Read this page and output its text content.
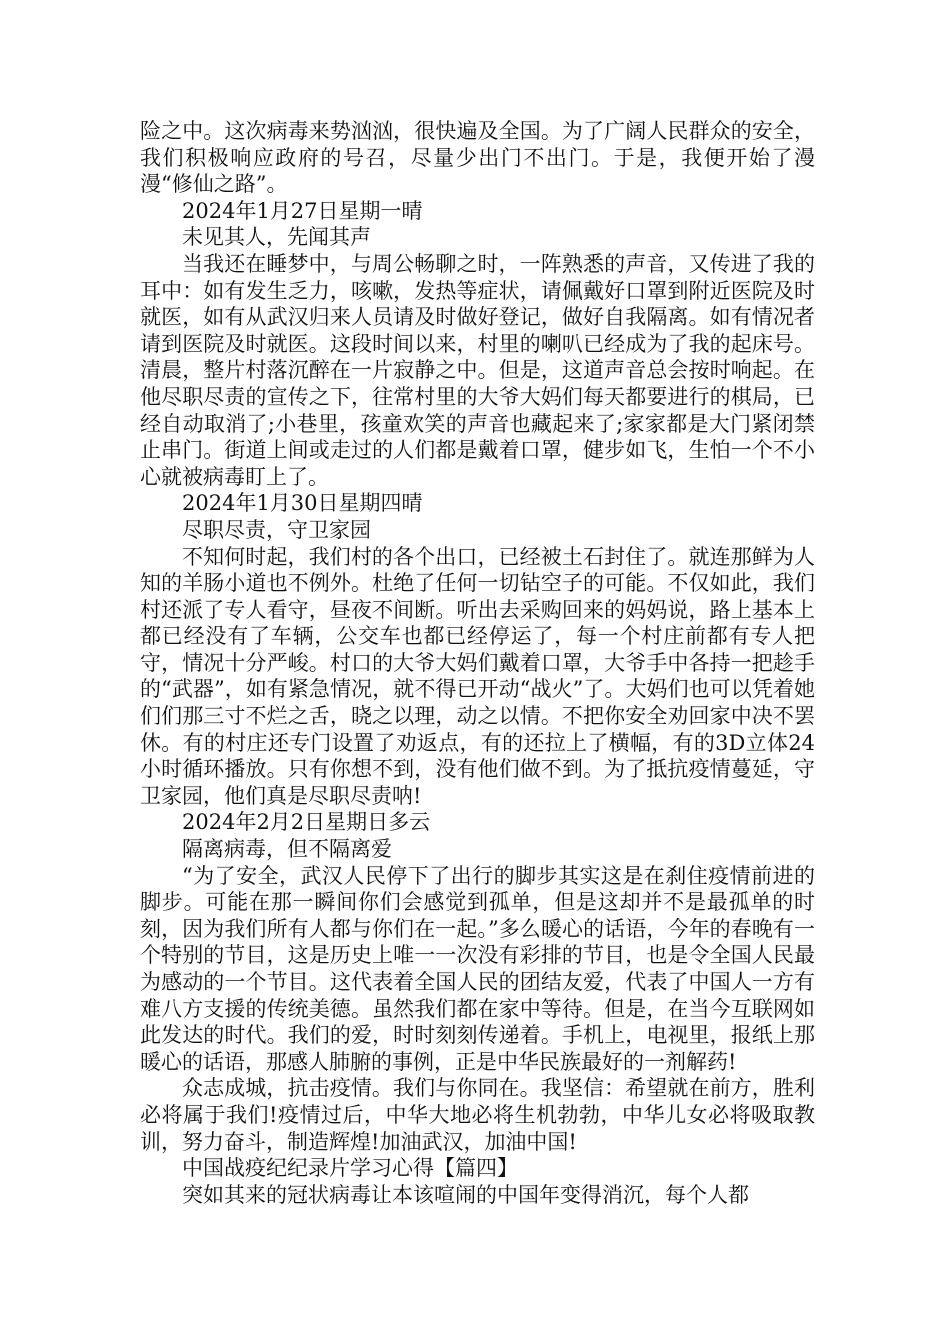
险之中。这次病毒来势汹汹，很快遍及全国。为了广阔人民群众的安全，我们积极响应政府的号召，尽量少出门不出门。于是，我便开始了漫漫“修仙之路”。

2024年1月27日星期一晴

未见其人，先闻其声

当我还在睡梦中，与周公畅聊之时，一阵熟悉的声音，又传进了我的耳中：如有发生乏力，咳嗽，发热等症状，请佩戴好口罩到附近医院及时就医，如有从武汉归来人员请及时做好登记，做好自我隔离。如有情况者请到医院及时就医。这段时间以来，村里的喇叭已经成为了我的起床号。清晨，整片村落沉醉在一片寂静之中。但是，这道声音总会按时响起。在他尽职尽责的宣传之下，往常村里的大爷大妈们每天都要进行的棋局，已经自动取消了;小巷里，孩童欢笑的声音也藏起来了;家家都是大门紧闭禁止串门。街道上间或走过的人们都是戴着口罩，健步如飞，生怕一个不小心就被病毒盯上了。

2024年1月30日星期四晴

尽职尽责，守卫家园

不知何时起，我们村的各个出口，已经被土石封住了。就连那鲜为人知的羊肠小道也不例外。杜绝了任何一切钻空子的可能。不仅如此，我们村还派了专人看守，昼夜不间断。听出去采购回来的妈妈说，路上基本上都已经没有了车辆，公交车也都已经停运了，每一个村庄前都有专人把守，情况十分严峻。村口的大爷大妈们戴着口罩，大爷手中各持一把趁手的“武器”，如有紧急情况，就不得已开动“战火”了。大妈们也可以凭着她们们那三寸不烂之舌，晓之以理，动之以情。不把你安全劝回家中决不罢休。有的村庄还专门设置了劝返点，有的还拉上了横幅，有的3D立体24小时循环播放。只有你想不到，没有他们做不到。为了抵抗疫情蔓延，守卫家园，他们真是尽职尽责呐!

2024年2月2日星期日多云

隔离病毒，但不隔离爱

“为了安全，武汉人民停下了出行的脚步其实这是在刹住疫情前进的脚步。可能在那一瞬间你们会感觉到孤单，但是这却并不是最孤单的时刻，因为我们所有人都与你们在一起。”多么暖心的话语，今年的春晚有一个特别的节目，这是历史上唯一一次没有彩排的节目，也是令全国人民最为感动的一个节目。这代表着全国人民的团结友爱，代表了中国人一方有难八方支援的传统美德。虽然我们都在家中等待。但是，在当今互联网如此发达的时代。我们的爱，时时刻刻传递着。手机上，电视里，报纸上那暖心的话语，那感人肺腑的事例，正是中华民族最好的一剂解药!

众志成城，抗击疫情。我们与你同在。我坚信：希望就在前方，胜利必将属于我们!疫情过后，中华大地必将生机勃勃，中华儿女必将吸取教训，努力奋斗，制造辉煌!加油武汉，加油中国!

中国战疫纪纪录片学习心得【篇四】

突如其来的冠状病毒让本该喧闹的中国年变得消沉，每个人都
